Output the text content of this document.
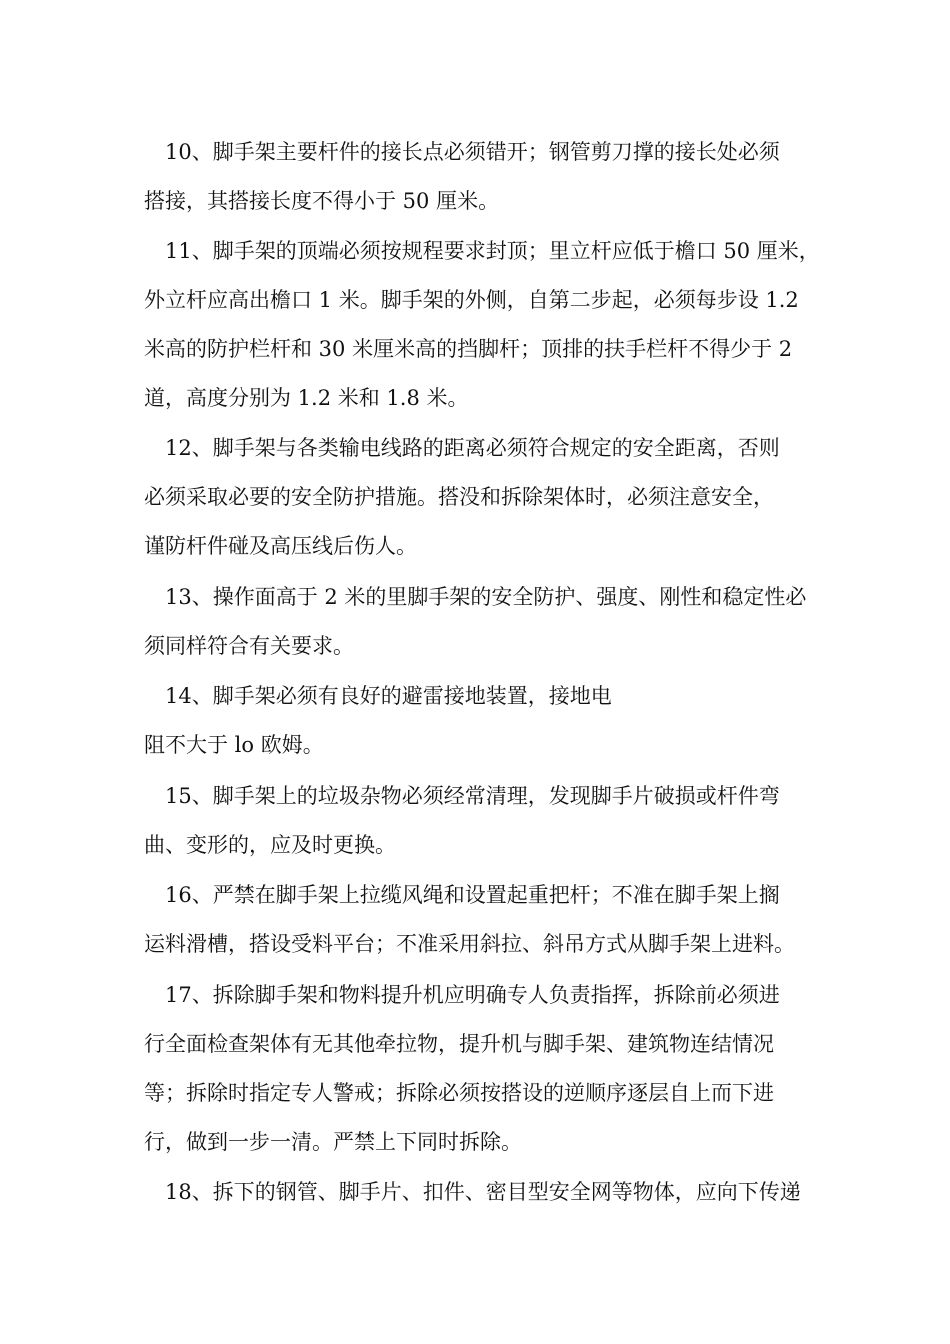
10、脚手架主要杆件的接长点必须错开；钢管剪刀撑的接长处必须

搭接，其搭接长度不得小于 50 厘米。

11、脚手架的顶端必须按规程要求封顶；里立杆应低于檐口 50 厘米，

外立杆应高出檐口 1 米。脚手架的外侧，自第二步起，必须每步设 1.2

米高的防护栏杆和 30 米厘米高的挡脚杆；顶排的扶手栏杆不得少于 2

道，高度分别为 1.2 米和 1.8 米。

12、脚手架与各类输电线路的距离必须符合规定的安全距离，否则

必须采取必要的安全防护措施。搭没和拆除架体时，必须注意安全，

谨防杆件碰及高压线后伤人。

13、操作面高于 2 米的里脚手架的安全防护、强度、刚性和稳定性必

须同样符合有关要求。

14、脚手架必须有良好的避雷接地装置，接地电

阻不大于 lo 欧姆。

15、脚手架上的垃圾杂物必须经常清理，发现脚手片破损或杆件弯

曲、变形的，应及时更换。

16、严禁在脚手架上拉缆风绳和设置起重把杆；不准在脚手架上搁

运料滑槽，搭设受料平台；不准采用斜拉、斜吊方式从脚手架上进料。

17、拆除脚手架和物料提升机应明确专人负责指挥，拆除前必须进

行全面检查架体有无其他牵拉物，提升机与脚手架、建筑物连结情况

等；拆除时指定专人警戒；拆除必须按搭设的逆顺序逐层自上而下进

行，做到一步一清。严禁上下同时拆除。

18、拆下的钢管、脚手片、扣件、密目型安全网等物体，应向下传递
